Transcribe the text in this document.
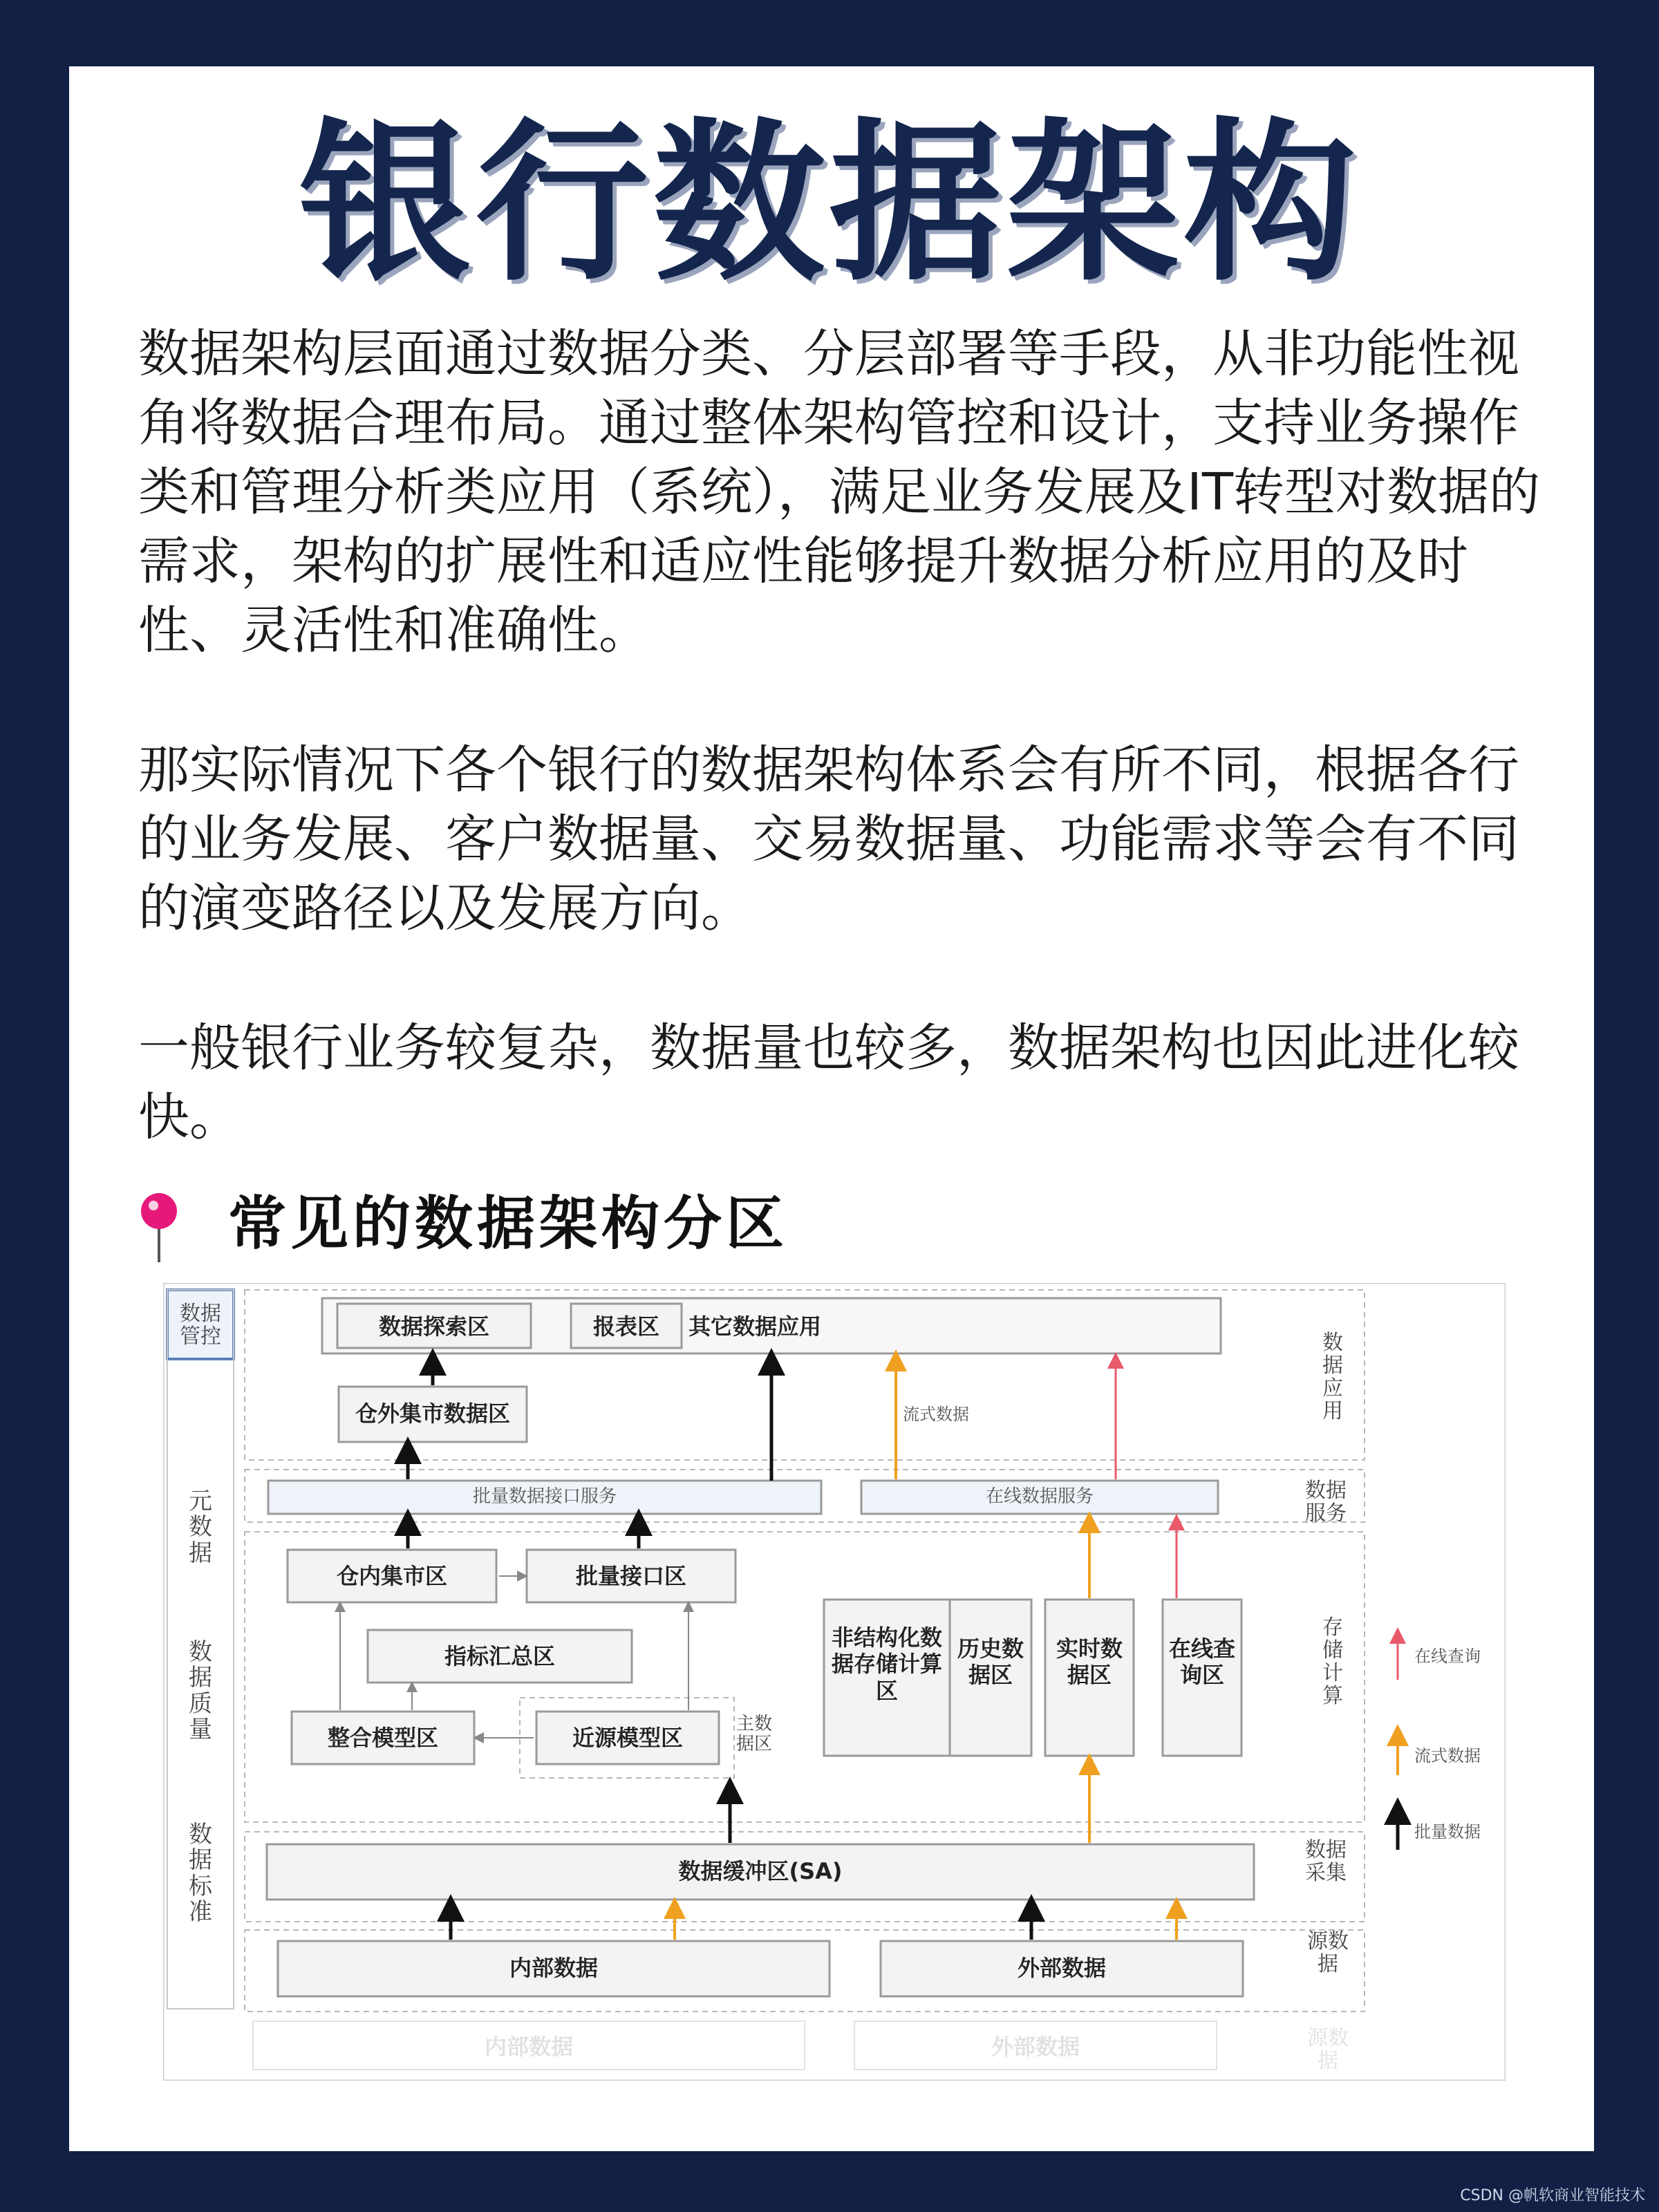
银行数据架构
数据架构层面通过数据分类、分层部署等手段，从非功能性视角将数据合理布局。通过整体架构管控和设计，支持业务操作类和管理分析类应用（系统），满足业务发展及IT转型对数据的需求，架构的扩展性和适应性能够提升数据分析应用的及时性、灵活性和准确性。
那实际情况下各个银行的数据架构体系会有所不同，根据各行的业务发展、客户数据量、交易数据量、功能需求等会有不同的演变路径以及发展方向。
一般银行业务较复杂，数据量也较多，数据架构也因此进化较快。
常见的数据架构分区
数据管控
元数据
数据质量
数据标准
数据应用
数据服务
存储计算
数据采集
源数据
数据探索区	报表区	其它数据应用
仓外集市数据区
批量数据接口服务	在线数据服务
仓内集市区	批量接口区
指标汇总区
整合模型区	近源模型区
主数据区
非结构化数据存储计算区
历史数据区
实时数据区
在线查询区
数据缓冲区(SA)
内部数据	外部数据
流式数据
在线查询
流式数据
批量数据
内部数据	外部数据	源数据
CSDN @帆软商业智能技术
